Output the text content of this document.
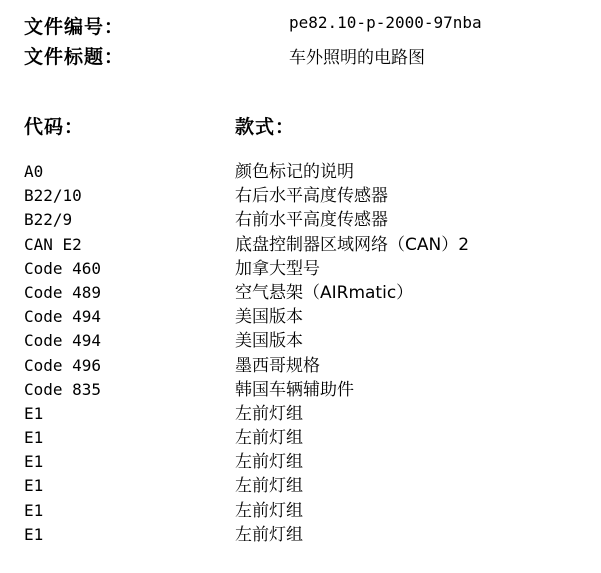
文件编号：	pe82.10-p-2000-97nba
文件标题：	车外照明的电路图
代码：	款式：
A0	颜色标记的说明
B22/10	右后水平高度传感器
B22/9	右前水平高度传感器
CAN E2	底盘控制器区域网络（CAN）2
Code 460	加拿大型号
Code 489	空气悬架（AIRmatic）
Code 494	美国版本
Code 494	美国版本
Code 496	墨西哥规格
Code 835	韩国车辆辅助件
E1	左前灯组
E1	左前灯组
E1	左前灯组
E1	左前灯组
E1	左前灯组
E1	左前灯组
